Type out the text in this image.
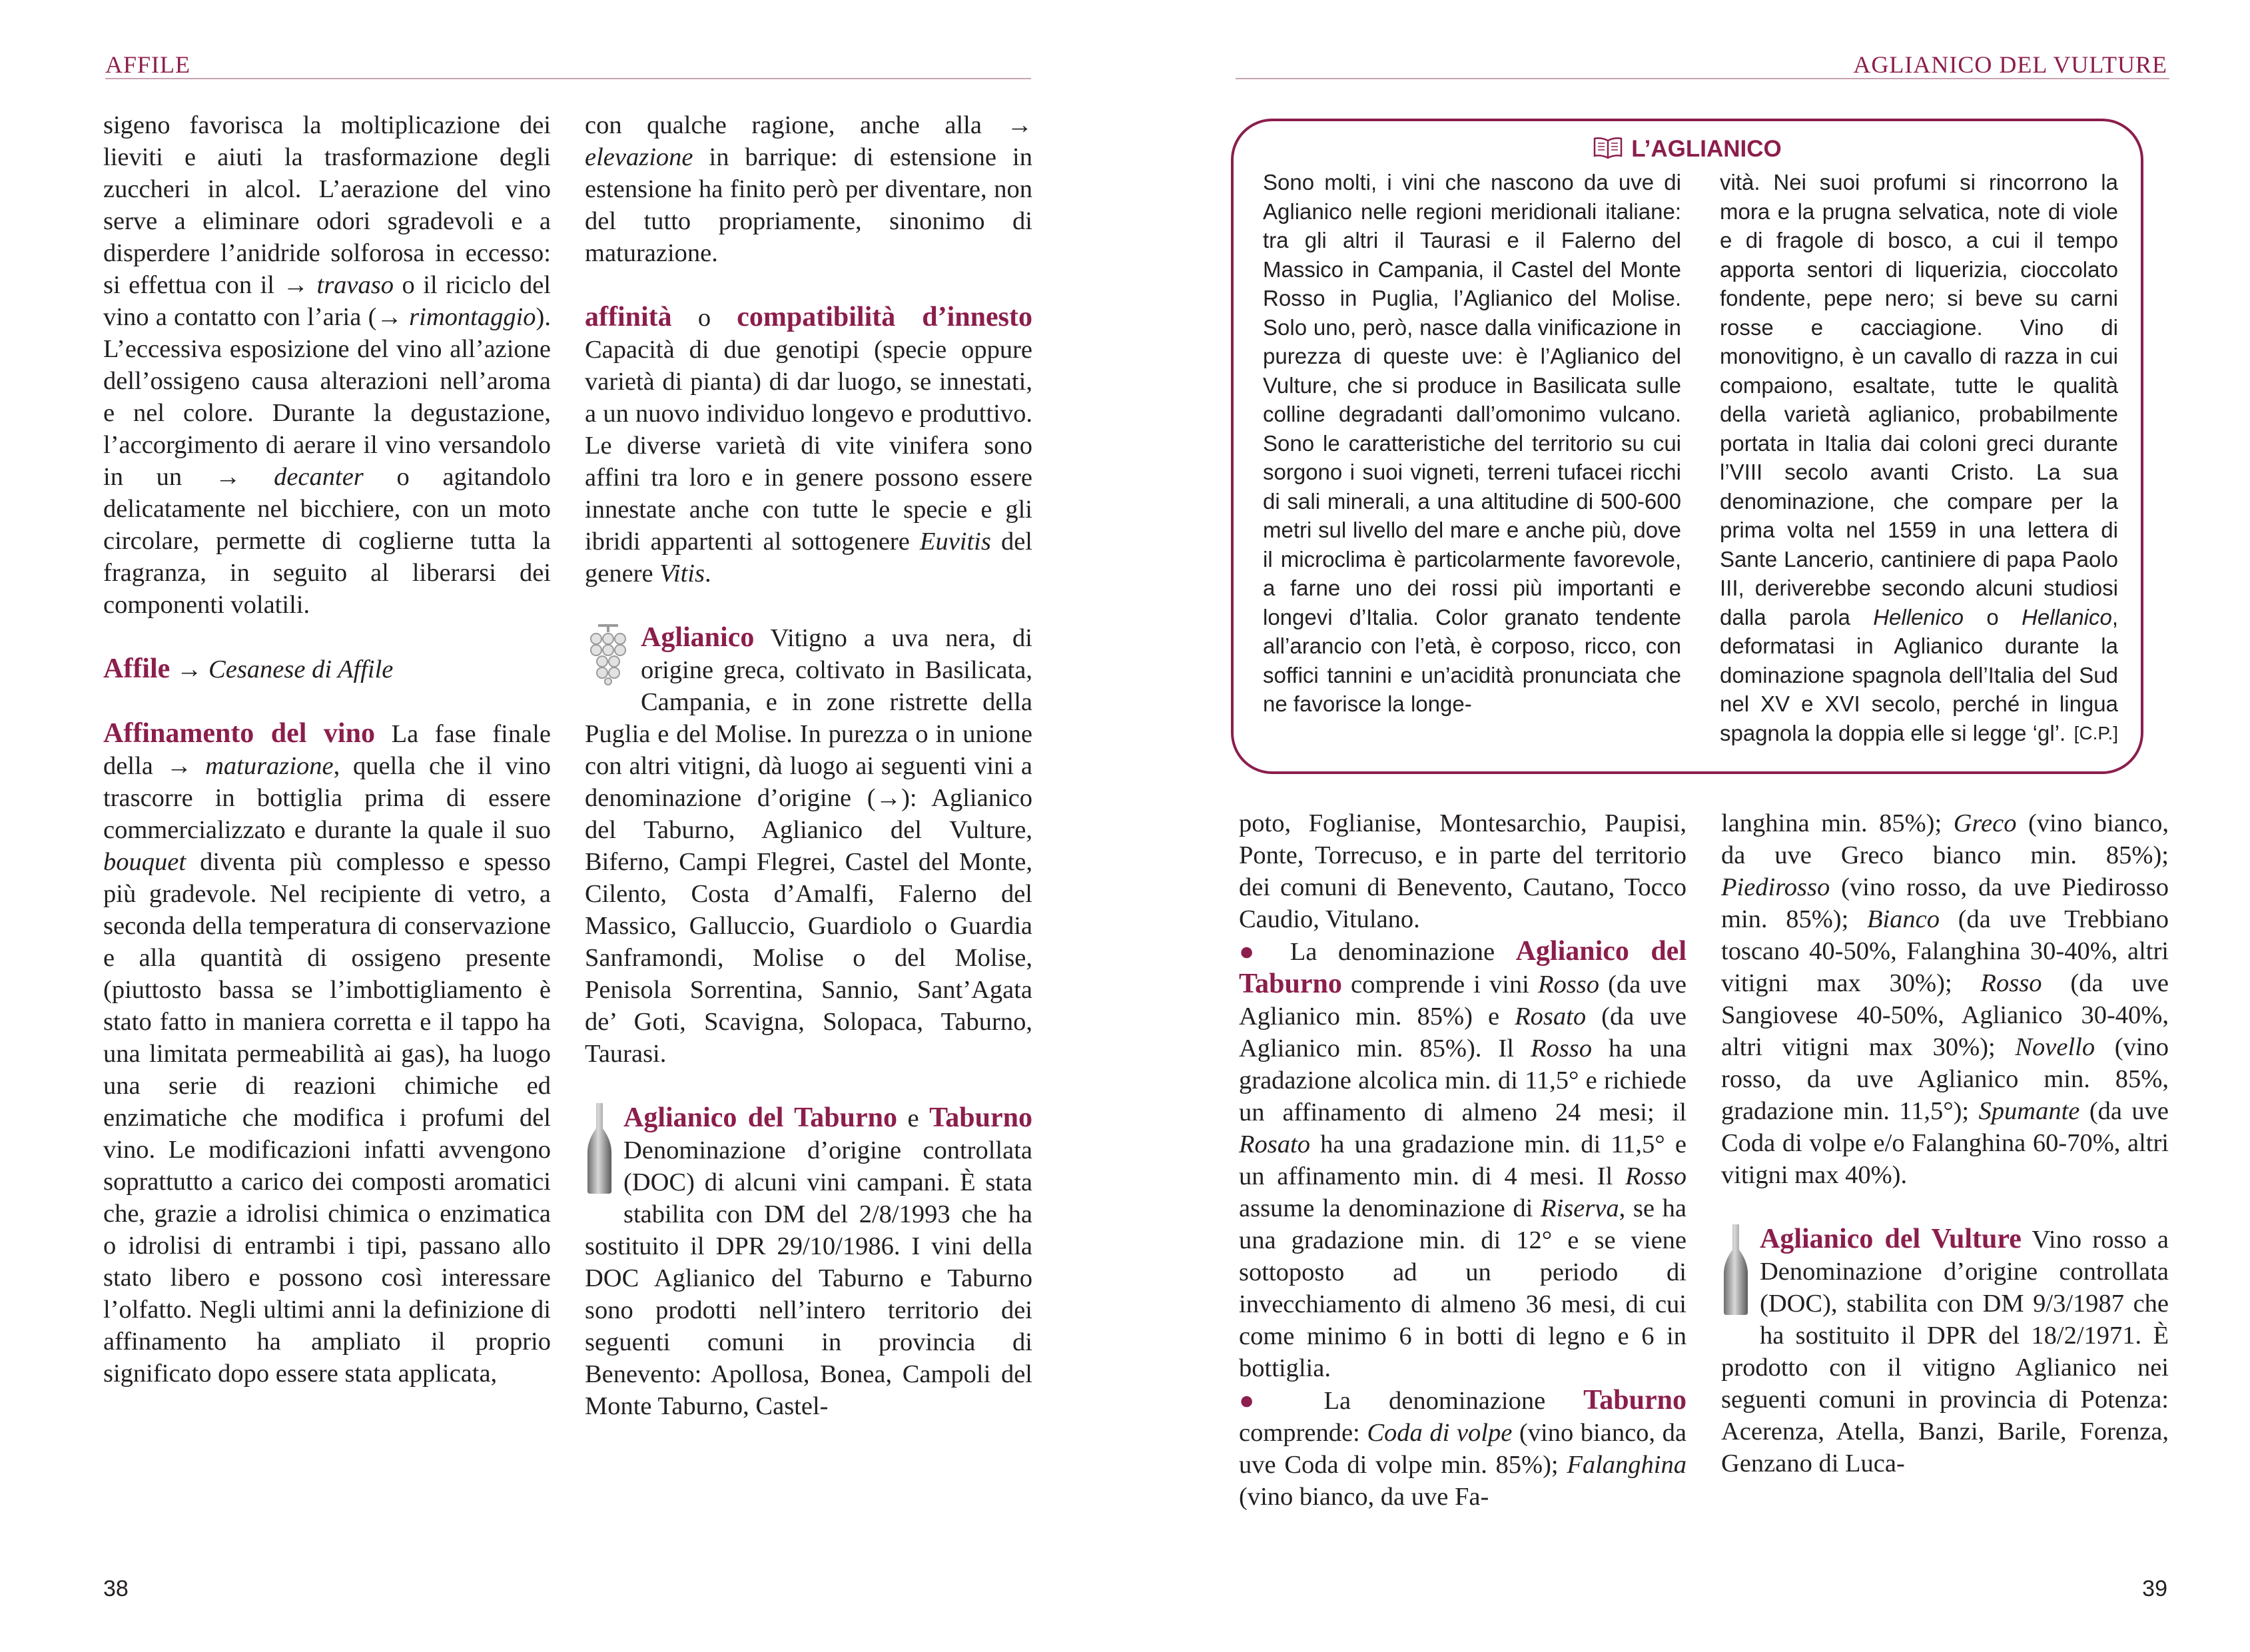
AFFILE

sigeno favorisca la moltiplicazione dei lieviti e aiuti la trasformazione degli zuccheri in alcol. L’aerazione del vino serve a eliminare odori sgradevoli e a disperdere l’anidride solforosa in eccesso: si effettua con il → travaso o il riciclo del vino a contatto con l’aria (→ rimontaggio). L’eccessiva esposizione del vino all’azione dell’ossigeno causa alterazioni nell’aroma e nel colore. Durante la degustazione, l’accorgimento di aerare il vino versandolo in un → decanter o agitandolo delicatamente nel bicchiere, con un moto circolare, permette di coglierne tutta la fragranza, in seguito al liberarsi dei componenti volatili.

Affile → Cesanese di Affile

Affinamento del vino La fase finale della → maturazione, quella che il vino trascorre in bottiglia prima di essere commercializzato e durante la quale il suo bouquet diventa più complesso e spesso più gradevole. Nel recipiente di vetro, a seconda della temperatura di conservazione e alla quantità di ossigeno presente (piuttosto bassa se l’imbottigliamento è stato fatto in maniera corretta e il tappo ha una limitata permeabilità ai gas), ha luogo una serie di reazioni chimiche ed enzimatiche che modifica i profumi del vino. Le modificazioni infatti avvengono soprattutto a carico dei composti aromatici che, grazie a idrolisi chimica o enzimatica o idrolisi di entrambi i tipi, passano allo stato libero e possono così interessare l’olfatto. Negli ultimi anni la definizione di affinamento ha ampliato il proprio significato dopo essere stata applicata,

con qualche ragione, anche alla → elevazione in barrique: di estensione in estensione ha finito però per diventare, non del tutto propriamente, sinonimo di maturazione.

affinità o compatibilità d’innesto Capacità di due genotipi (specie oppure varietà di pianta) di dar luogo, se innestati, a un nuovo individuo longevo e produttivo. Le diverse varietà di vite vinifera sono affini tra loro e in genere possono essere innestate anche con tutte le specie e gli ibridi appartenti al sottogenere Euvitis del genere Vitis.

Aglianico Vitigno a uva nera, di origine greca, coltivato in Basilicata, Campania, e in zone ristrette della Puglia e del Molise. In purezza o in unione con altri vitigni, dà luogo ai seguenti vini a denominazione d’origine (→): Aglianico del Taburno, Aglianico del Vulture, Biferno, Campi Flegrei, Castel del Monte, Cilento, Costa d’Amalfi, Falerno del Massico, Galluccio, Guardiolo o Guardia Sanframondi, Molise o del Molise, Penisola Sorrentina, Sannio, Sant’Agata de’ Goti, Scavigna, Solopaca, Taburno, Taurasi.

Aglianico del Taburno e Taburno Denominazione d’origine controllata (DOC) di alcuni vini campani. È stata stabilita con DM del 2/8/1993 che ha sostituito il DPR 29/10/1986. I vini della DOC Aglianico del Taburno e Taburno sono prodotti nell’intero territorio dei seguenti comuni in provincia di Benevento: Apollosa, Bonea, Campoli del Monte Taburno, Castel-

38
AGLIANICO DEL VULTURE
L’AGLIANICO

Sono molti, i vini che nascono da uve di Aglianico nelle regioni meridionali italiane: tra gli altri il Taurasi e il Falerno del Massico in Campania, il Castel del Monte Rosso in Puglia, l’Aglianico del Molise. Solo uno, però, nasce dalla vinificazione in purezza di queste uve: è l’Aglianico del Vulture, che si produce in Basilicata sulle colline degradanti dall’omonimo vulcano. Sono le caratteristiche del territorio su cui sorgono i suoi vigneti, terreni tufacei ricchi di sali minerali, a una altitudine di 500-600 metri sul livello del mare e anche più, dove il microclima è particolarmente favorevole, a farne uno dei rossi più importanti e longevi d’Italia. Color granato tendente all’arancio con l’età, è corposo, ricco, con soffici tannini e un’acidità pronunciata che ne favorisce la longe-

vità. Nei suoi profumi si rincorrono la mora e la prugna selvatica, note di viole e di fragole di bosco, a cui il tempo apporta sentori di liquerizia, cioccolato fondente, pepe nero; si beve su carni rosse e cacciagione. Vino di monovitigno, è un cavallo di razza in cui compaiono, esaltate, tutte le qualità della varietà aglianico, probabilmente portata in Italia dai coloni greci durante l’VIII secolo avanti Cristo. La sua denominazione, che compare per la prima volta nel 1559 in una lettera di Sante Lancerio, cantiniere di papa Paolo III, deriverebbe secondo alcuni studiosi dalla parola Hellenico o Hellanico, deformatasi in Aglianico durante la dominazione spagnola dell’Italia del Sud nel XV e XVI secolo, perché in lingua spagnola la doppia elle si legge ‘gl’. [C.P.]

poto, Foglianise, Montesarchio, Paupisi, Ponte, Torrecuso, e in parte del territorio dei comuni di Benevento, Cautano, Tocco Caudio, Vitulano.

● La denominazione Aglianico del Taburno comprende i vini Rosso (da uve Aglianico min. 85%) e Rosato (da uve Aglianico min. 85%). Il Rosso ha una gradazione alcolica min. di 11,5° e richiede un affinamento di almeno 24 mesi; il Rosato ha una gradazione min. di 11,5° e un affinamento min. di 4 mesi. Il Rosso assume la denominazione di Riserva, se ha una gradazione min. di 12° e se viene sottoposto ad un periodo di invecchiamento di almeno 36 mesi, di cui come minimo 6 in botti di legno e 6 in bottiglia.

● La denominazione Taburno comprende: Coda di volpe (vino bianco, da uve Coda di volpe min. 85%); Falanghina (vino bianco, da uve Fa-

langhina min. 85%); Greco (vino bianco, da uve Greco bianco min. 85%); Piedirosso (vino rosso, da uve Piedirosso min. 85%); Bianco (da uve Trebbiano toscano 40-50%, Falanghina 30-40%, altri vitigni max 30%); Rosso (da uve Sangiovese 40-50%, Aglianico 30-40%, altri vitigni max 30%); Novello (vino rosso, da uve Aglianico min. 85%, gradazione min. 11,5°); Spumante (da uve Coda di volpe e/o Falanghina 60-70%, altri vitigni max 40%).

Aglianico del Vulture Vino rosso a Denominazione d’origine controllata (DOC), stabilita con DM 9/3/1987 che ha sostituito il DPR del 18/2/1971. È prodotto con il vitigno Aglianico nei seguenti comuni in provincia di Potenza: Acerenza, Atella, Banzi, Barile, Forenza, Genzano di Luca-

39
